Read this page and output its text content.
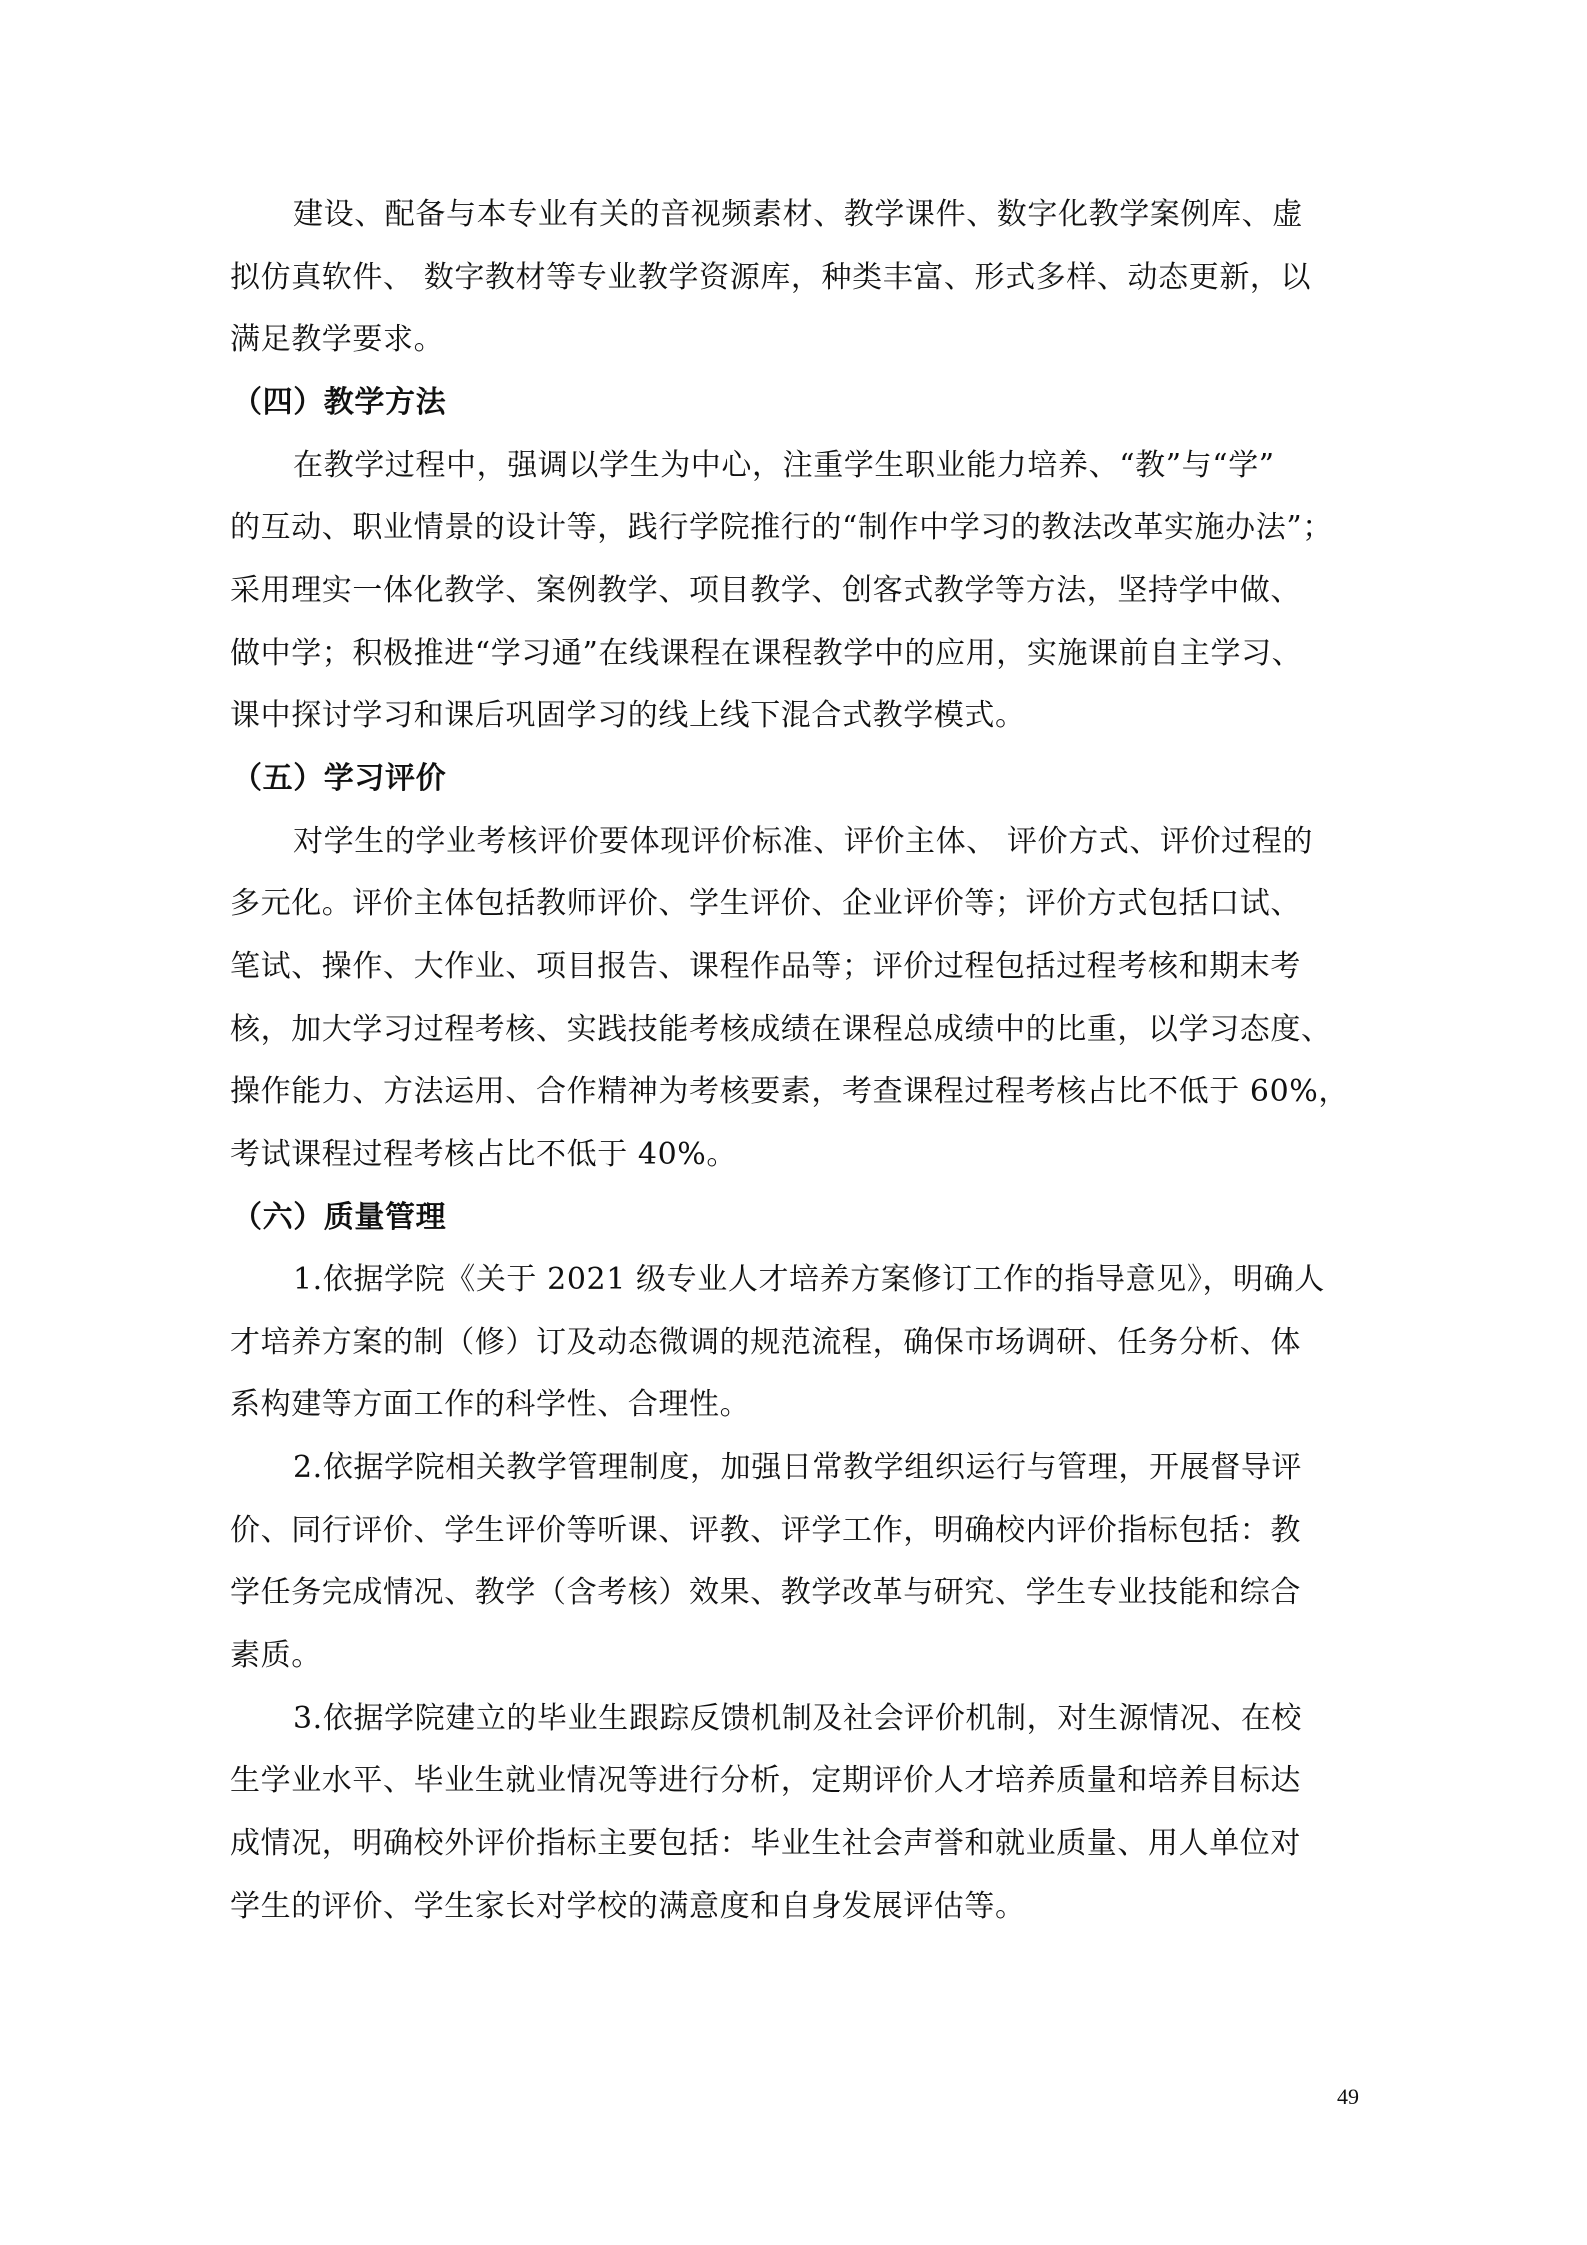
建设、配备与本专业有关的音视频素材、教学课件、数字化教学案例库、虚
拟仿真软件、 数字教材等专业教学资源库，种类丰富、形式多样、动态更新，以
满足教学要求。
（四）教学方法
在教学过程中，强调以学生为中心，注重学生职业能力培养、“教”与“学”
的互动、职业情景的设计等，践行学院推行的“制作中学习的教法改革实施办法”；
采用理实一体化教学、案例教学、项目教学、创客式教学等方法，坚持学中做、
做中学；积极推进“学习通”在线课程在课程教学中的应用，实施课前自主学习、
课中探讨学习和课后巩固学习的线上线下混合式教学模式。
（五）学习评价
对学生的学业考核评价要体现评价标准、评价主体、 评价方式、评价过程的
多元化。评价主体包括教师评价、学生评价、企业评价等；评价方式包括口试、
笔试、操作、大作业、项目报告、课程作品等；评价过程包括过程考核和期末考
核，加大学习过程考核、实践技能考核成绩在课程总成绩中的比重，以学习态度、
操作能力、方法运用、合作精神为考核要素，考查课程过程考核占比不低于 60%，
考试课程过程考核占比不低于 40%。
（六）质量管理
1.依据学院《关于 2021 级专业人才培养方案修订工作的指导意见》，明确人
才培养方案的制（修）订及动态微调的规范流程，确保市场调研、任务分析、体
系构建等方面工作的科学性、合理性。
2.依据学院相关教学管理制度，加强日常教学组织运行与管理，开展督导评
价、同行评价、学生评价等听课、评教、评学工作，明确校内评价指标包括：教
学任务完成情况、教学（含考核）效果、教学改革与研究、学生专业技能和综合
素质。
3.依据学院建立的毕业生跟踪反馈机制及社会评价机制，对生源情况、在校
生学业水平、毕业生就业情况等进行分析，定期评价人才培养质量和培养目标达
成情况，明确校外评价指标主要包括：毕业生社会声誉和就业质量、用人单位对
学生的评价、学生家长对学校的满意度和自身发展评估等。
49
